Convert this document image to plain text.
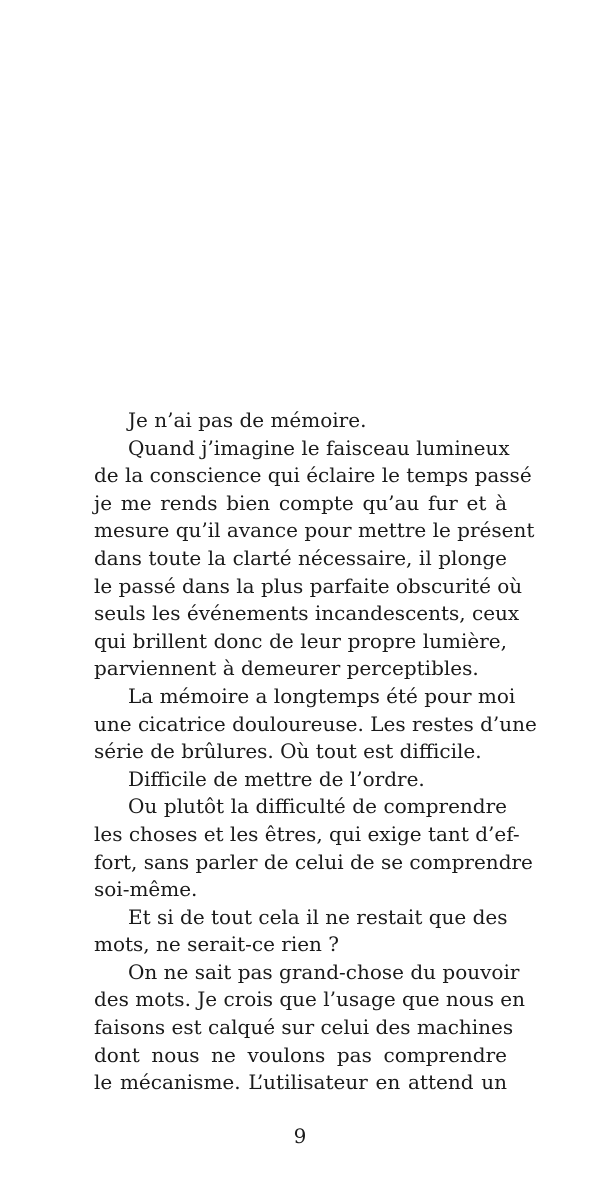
Je n’ai pas de mémoire.
Quand j’imagine le faisceau lumineux
de la conscience qui éclaire le temps passé
je me rends bien compte qu’au fur et à
mesure qu’il avance pour mettre le présent
dans toute la clarté nécessaire, il plonge
le passé dans la plus parfaite obscurité où
seuls les événements incandescents, ceux
qui brillent donc de leur propre lumière,
parviennent à demeurer perceptibles.
La mémoire a longtemps été pour moi
une cicatrice douloureuse. Les restes d’une
série de brûlures. Où tout est difficile.
Difficile de mettre de l’ordre.
Ou plutôt la difficulté de comprendre
les choses et les êtres, qui exige tant d’ef-
fort, sans parler de celui de se comprendre
soi-même.
Et si de tout cela il ne restait que des
mots, ne serait-ce rien ?
On ne sait pas grand-chose du pouvoir
des mots. Je crois que l’usage que nous en
faisons est calqué sur celui des machines
dont nous ne voulons pas comprendre
le mécanisme. L’utilisateur en attend un
9
